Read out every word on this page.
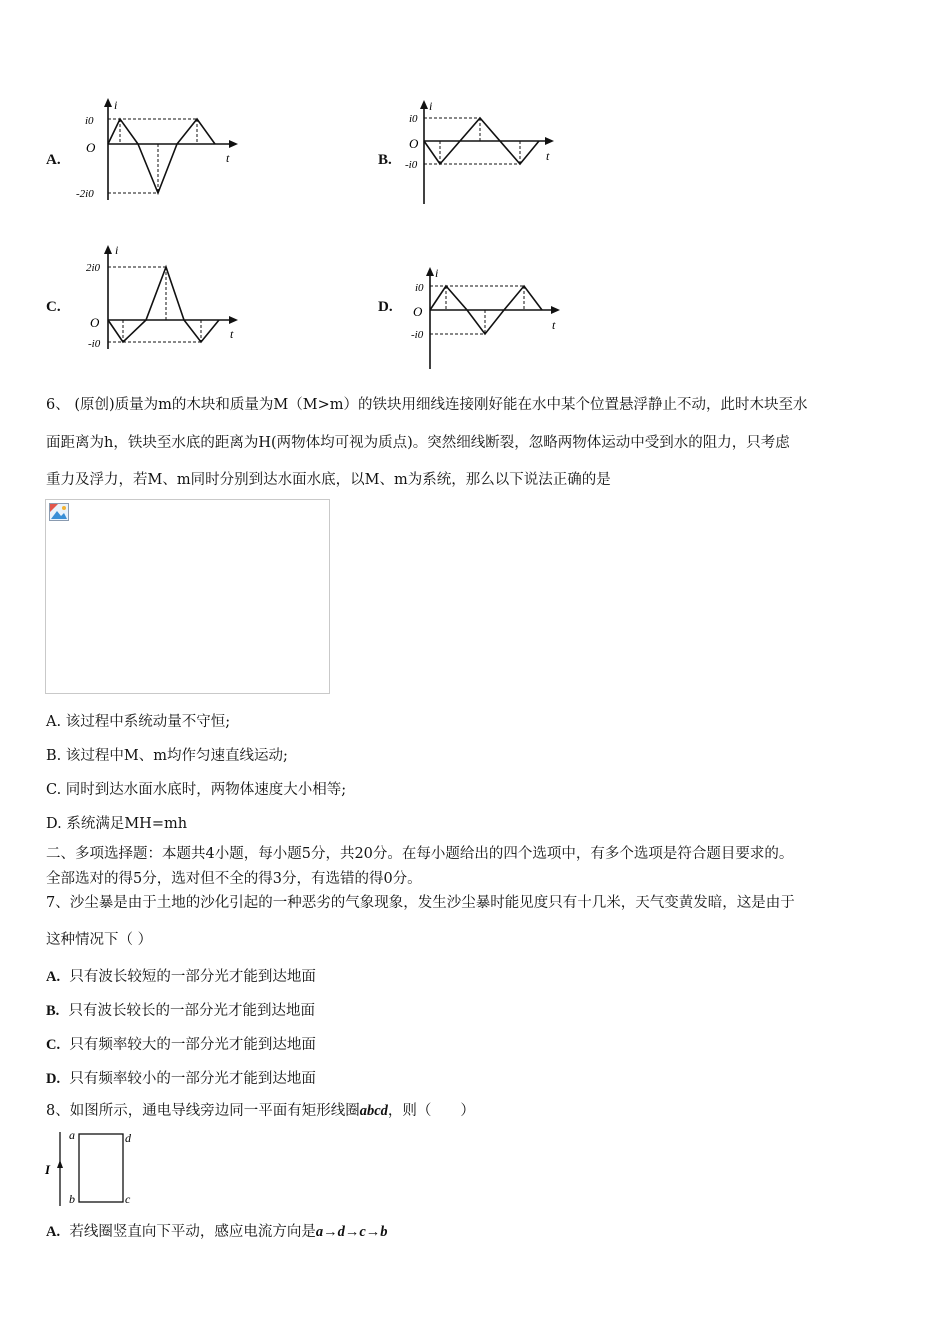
A.
i
t
O
i0
-2i0
B.
i
t
O
i0
-i0
C.
i
t
O
2i0
-i0
D.
i
t
O
i0
-i0
6、 (原创)质量为m的木块和质量为M（M>m）的铁块用细线连接刚好能在水中某个位置悬浮静止不动，此时木块至水
面距离为h，铁块至水底的距离为H(两物体均可视为质点)。突然细线断裂，忽略两物体运动中受到水的阻力，只考虑
重力及浮力，若M、m同时分别到达水面水底，以M、m为系统，那么以下说法正确的是
A. 该过程中系统动量不守恒;
B. 该过程中M、m均作匀速直线运动;
C. 同时到达水面水底时，两物体速度大小相等;
D. 系统满足MH=mh
二、多项选择题：本题共4小题，每小题5分，共20分。在每小题给出的四个选项中，有多个选项是符合题目要求的。
全部选对的得5分，选对但不全的得3分，有选错的得0分。
7、沙尘暴是由于土地的沙化引起的一种恶劣的气象现象，发生沙尘暴时能见度只有十几米，天气变黄发暗，这是由于
这种情况下（ ）
A. 只有波长较短的一部分光才能到达地面
B. 只有波长较长的一部分光才能到达地面
C. 只有频率较大的一部分光才能到达地面
D. 只有频率较小的一部分光才能到达地面
8、如图所示，通电导线旁边同一平面有矩形线圈abcd，则（　　）
I
a
b	c
d
A. 若线圈竖直向下平动，感应电流方向是a→d→c→b
